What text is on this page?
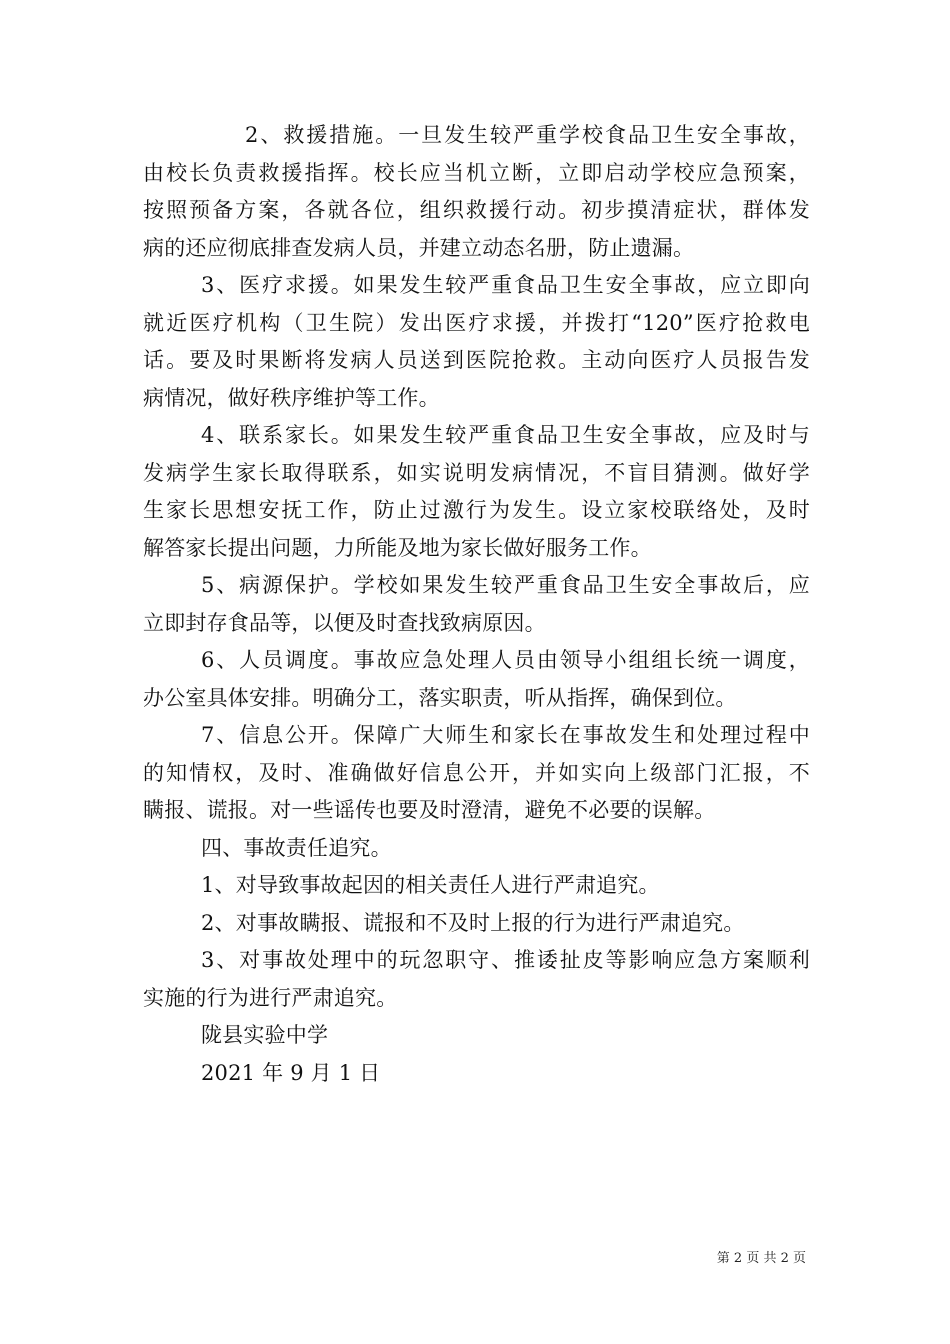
2、救援措施。一旦发生较严重学校食品卫生安全事故，
由校长负责救援指挥。校长应当机立断，立即启动学校应急预案，
按照预备方案，各就各位，组织救援行动。初步摸清症状，群体发
病的还应彻底排查发病人员，并建立动态名册，防止遗漏。
3、医疗求援。如果发生较严重食品卫生安全事故，应立即向
就近医疗机构（卫生院）发出医疗求援，并拨打“120”医疗抢救电
话。要及时果断将发病人员送到医院抢救。主动向医疗人员报告发
病情况，做好秩序维护等工作。
4、联系家长。如果发生较严重食品卫生安全事故，应及时与
发病学生家长取得联系，如实说明发病情况，不盲目猜测。做好学
生家长思想安抚工作，防止过激行为发生。设立家校联络处，及时
解答家长提出问题，力所能及地为家长做好服务工作。
5、病源保护。学校如果发生较严重食品卫生安全事故后，应
立即封存食品等，以便及时查找致病原因。
6、人员调度。事故应急处理人员由领导小组组长统一调度，
办公室具体安排。明确分工，落实职责，听从指挥，确保到位。
7、信息公开。保障广大师生和家长在事故发生和处理过程中
的知情权，及时、准确做好信息公开，并如实向上级部门汇报，不
瞒报、谎报。对一些谣传也要及时澄清，避免不必要的误解。
四、事故责任追究。
1、对导致事故起因的相关责任人进行严肃追究。
2、对事故瞒报、谎报和不及时上报的行为进行严肃追究。
3、对事故处理中的玩忽职守、推诿扯皮等影响应急方案顺利
实施的行为进行严肃追究。
陇县实验中学
2021 年 9 月 1 日
第 2 页 共 2 页
